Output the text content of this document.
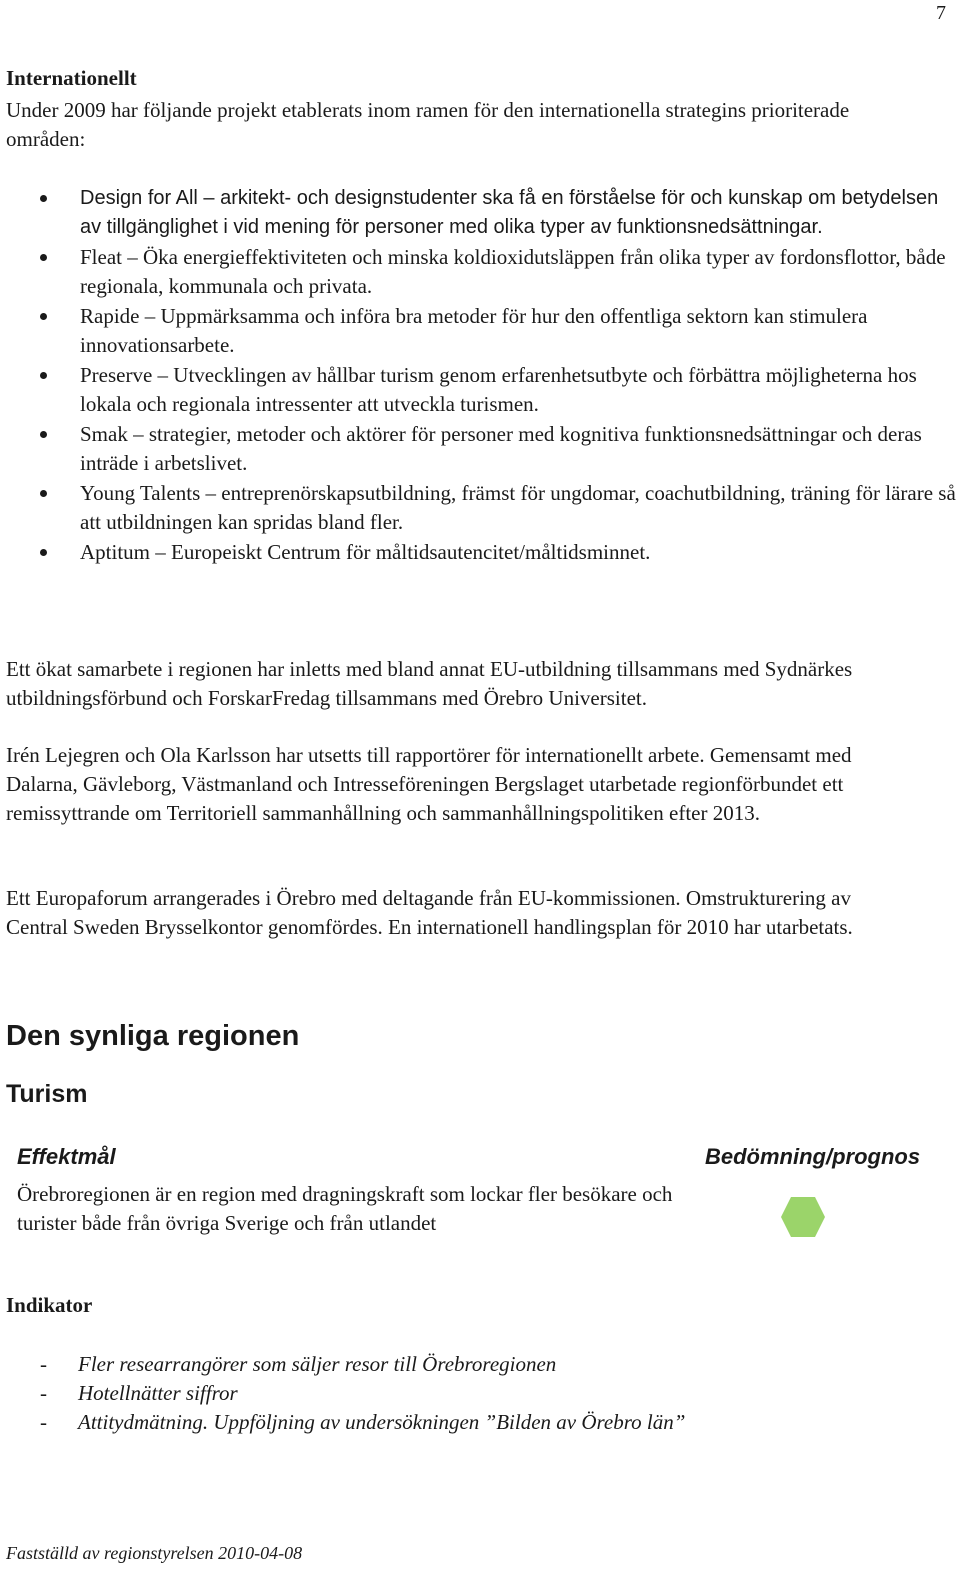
7
Internationellt
Under 2009 har följande projekt etablerats inom ramen för den internationella strategins prioriterade områden:
Design for All – arkitekt- och designstudenter ska få en förståelse för och kunskap om betydelsen av tillgänglighet i vid mening för personer med olika typer av funktionsnedsättningar.
Fleat – Öka energieffektiviteten och minska koldioxidutsläppen från olika typer av fordonsflottor, både regionala, kommunala och privata.
Rapide – Uppmärksamma och införa bra metoder för hur den offentliga sektorn kan stimulera innovationsarbete.
Preserve – Utvecklingen av hållbar turism genom erfarenhetsutbyte och förbättra möjligheterna hos lokala och regionala intressenter att utveckla turismen.
Smak – strategier, metoder och aktörer för personer med kognitiva funktionsnedsättningar och deras inträde i arbetslivet.
Young Talents – entreprenörskapsutbildning, främst för ungdomar, coachutbildning, träning för lärare så att utbildningen kan spridas bland fler.
Aptitum – Europeiskt Centrum för måltidsautencitet/måltidsminnet.
Ett ökat samarbete i regionen har inletts med bland annat EU-utbildning tillsammans med Sydnärkes utbildningsförbund och ForskarFredag tillsammans med Örebro Universitet.
Irén Lejegren och Ola Karlsson har utsetts till rapportörer för internationellt arbete. Gemensamt med Dalarna, Gävleborg, Västmanland och Intresseföreningen Bergslaget utarbetade regionförbundet ett remissyttrande om Territoriell sammanhållning och sammanhållningspolitiken efter 2013.
Ett Europaforum arrangerades i Örebro med deltagande från EU-kommissionen. Omstrukturering av Central Sweden Brysselkontor genomfördes. En internationell handlingsplan för 2010 har utarbetats.
Den synliga regionen
Turism
Effektmål	Bedömning/prognos
Örebroregionen är en region med dragningskraft som lockar fler besökare och turister både från övriga Sverige och från utlandet
Indikator
- Fler researrangörer som säljer resor till Örebroregionen
- Hotellnätter siffror
- Attitydmätning. Uppföljning av undersökningen ”Bilden av Örebro län”
Fastställd av regionstyrelsen 2010-04-08
